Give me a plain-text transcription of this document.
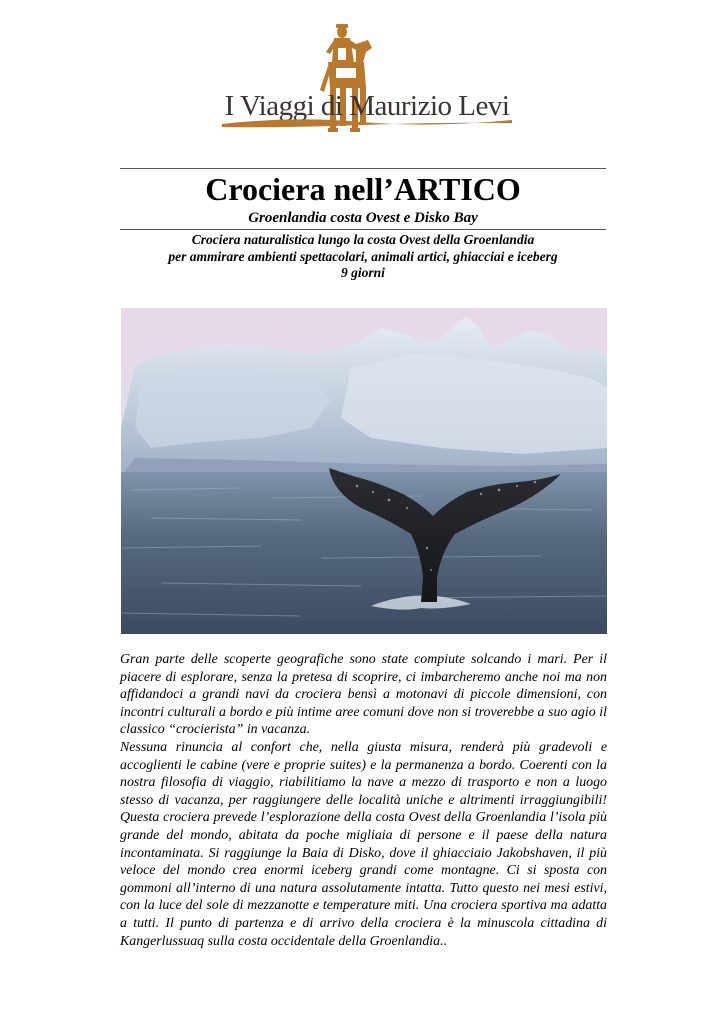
I Viaggi di Maurizio Levi
Crociera nell’ARTICO
Groenlandia costa Ovest e Disko Bay
Crociera naturalistica lungo la costa Ovest della Groenlandia
per ammirare ambienti spettacolari, animali artici, ghiacciai e iceberg
9 giorni

Gran parte delle scoperte geografiche sono state compiute solcando i mari. Per il piacere di esplorare, senza la pretesa di scoprire, ci imbarcheremo anche noi ma non affidandoci a grandi navi da crociera bensì a motonavi di piccole dimensioni, con incontri culturali a bordo e più intime aree comuni dove non si troverebbe a suo agio il classico “crocierista” in vacanza.

Nessuna rinuncia al confort che, nella giusta misura, renderà più gradevoli e accoglienti le cabine (vere e proprie suites) e la permanenza a bordo. Coerenti con la nostra filosofia di viaggio, riabilitiamo la nave a mezzo di trasporto e non a luogo stesso di vacanza, per raggiungere delle località uniche e altrimenti irraggiungibili! Questa crociera prevede l’esplorazione della costa Ovest della Groenlandia l’isola più grande del mondo, abitata da poche migliaia di persone e il paese della natura incontaminata. Si raggiunge la Baia di Disko, dove il ghiacciaio Jakobshaven, il più veloce del mondo crea enormi iceberg grandi come montagne. Ci si sposta con gommoni all’interno di una natura assolutamente intatta. Tutto questo nei mesi estivi, con la luce del sole di mezzanotte e temperature miti. Una crociera sportiva ma adatta a tutti. Il punto di partenza e di arrivo della crociera è la minuscola cittadina di Kangerlussuaq sulla costa occidentale della Groenlandia..
